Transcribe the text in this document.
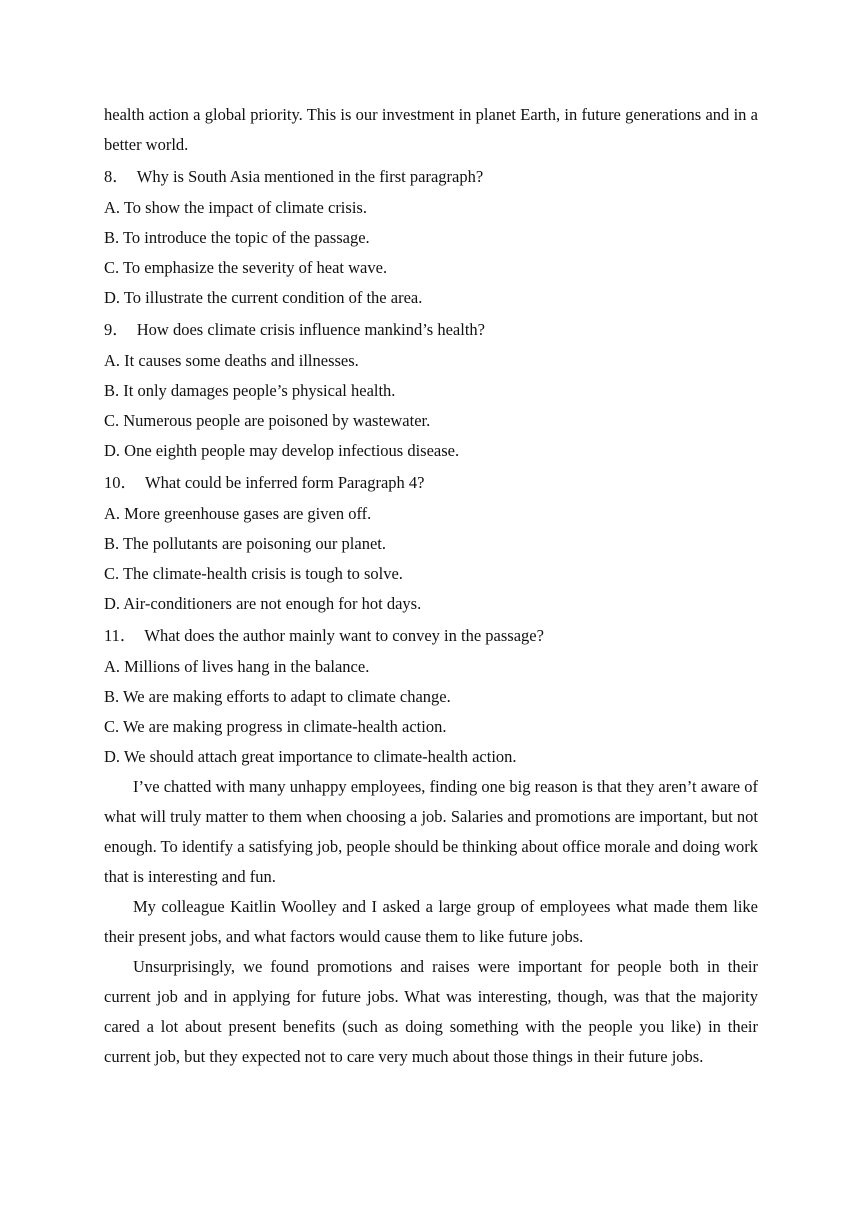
health action a global priority. This is our investment in planet Earth, in future generations and in a better world.

8． Why is South Asia mentioned in the first paragraph?

A. To show the impact of climate crisis.

B. To introduce the topic of the passage.

C. To emphasize the severity of heat wave.

D. To illustrate the current condition of the area.

9． How does climate crisis influence mankind’s health?

A. It causes some deaths and illnesses.

B. It only damages people’s physical health.

C. Numerous people are poisoned by wastewater.

D. One eighth people may develop infectious disease.

10． What could be inferred form Paragraph 4?

A. More greenhouse gases are given off.

B. The pollutants are poisoning our planet.

C. The climate-health crisis is tough to solve.

D. Air-conditioners are not enough for hot days.

11． What does the author mainly want to convey in the passage?

A. Millions of lives hang in the balance.

B. We are making efforts to adapt to climate change.

C. We are making progress in climate-health action.

D. We should attach great importance to climate-health action.

I’ve chatted with many unhappy employees, finding one big reason is that they aren’t aware of what will truly matter to them when choosing a job. Salaries and promotions are important, but not enough. To identify a satisfying job, people should be thinking about office morale and doing work that is interesting and fun.

My colleague Kaitlin Woolley and I asked a large group of employees what made them like their present jobs, and what factors would cause them to like future jobs.

Unsurprisingly, we found promotions and raises were important for people both in their current job and in applying for future jobs. What was interesting, though, was that the majority cared a lot about present benefits (such as doing something with the people you like) in their current job, but they expected not to care very much about those things in their future jobs.
